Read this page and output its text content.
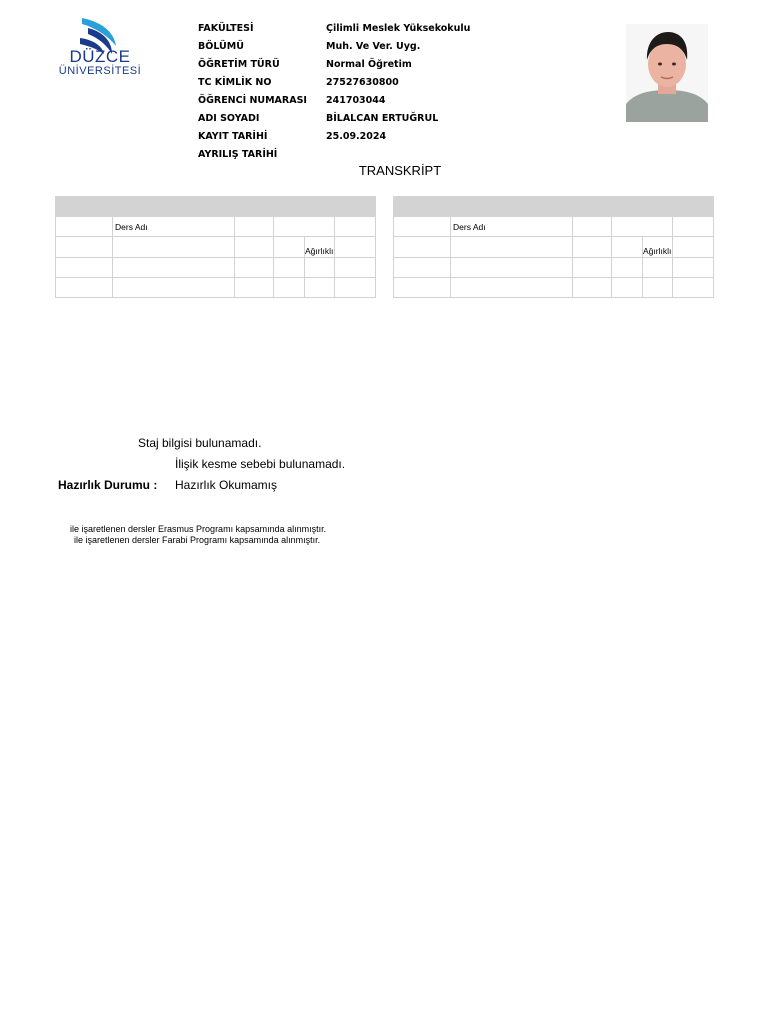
DÜZCE
ÜNİVERSİTESİ
FAKÜLTESİ	Çilimli Meslek Yüksekokulu
BÖLÜMÜ	Muh. Ve Ver. Uyg.
ÖĞRETİM TÜRÜ	Normal Öğretim
TC KİMLİK NO	27527630800
ÖĞRENCİ NUMARASI 241703044
ADI SOYADI	BİLALCAN ERTUĞRUL
KAYIT TARİHİ	25.09.2024
AYRILIŞ TARİHİ
TRANSKRİPT

	Ders Adı			

			Ağırlıklı	

	Ders Adı			

			Ağırlıklı	

Staj bilgisi bulunamadı.
İlişik kesme sebebi bulunamadı.
Hazırlık Durumu : Hazırlık Okumamış
ile işaretlenen dersler Erasmus Programı kapsamında alınmıştır.
ile işaretlenen dersler Farabi Programı kapsamında alınmıştır.
